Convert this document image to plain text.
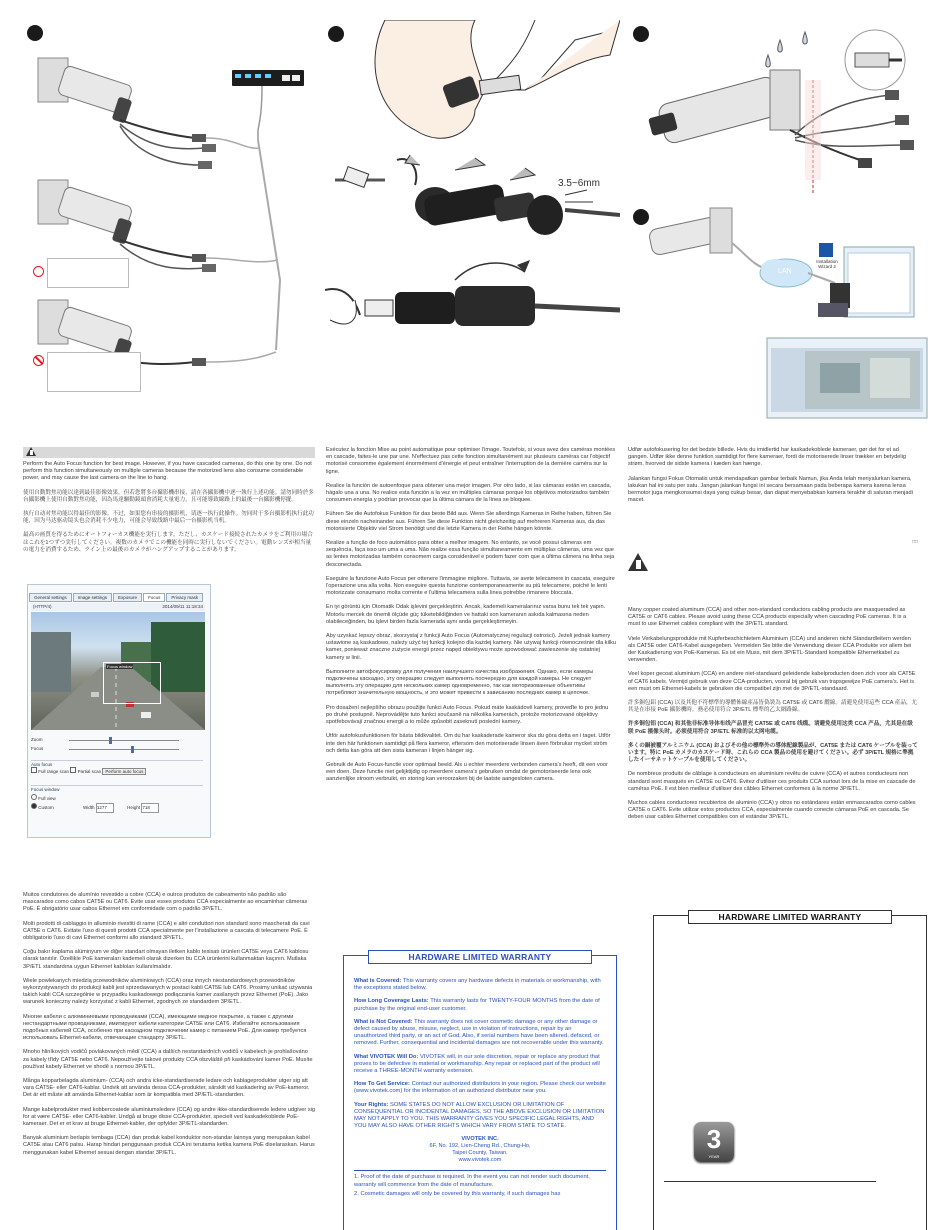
3.5~6mm
LAN
Installation Wizard 2

Perform the Auto Focus function for best image. However, if you have cascaded cameras, do this one by one. Do not perform this function simultaneously on multiple cameras because the motorized lens also consume considerable power, and may cause the last camera on the line to hang.

使用自動對焦功能以達到最佳影像效果。但若您將多台攝影機串接，請在各攝影機中逐一執行上述功能。請勿同時於多台攝影機上使用自動對焦功能，因為馬達驅動鏡頭會消耗大量電力，且可能導致線路上的最後一台攝影機停擺。

执行自动对焦功能以得最佳的影像。不过，如果您有串接的摄影机，请逐一执行此操作。勿同时于多台摄影机执行此功能，因为马达驱动镜头也会消耗不少电力，可能会导致线路中最后一台摄影机当机。

最高の画質を得るためにオートフォーカス機能を実行します。ただし、カスケード接続されたカメラをご利用の場合はこれを1つずつ実行してください。複数のカメラでこの機能を同時に実行しないでください。電動レンズが相当量の電力を消費するため、ライン上の最後のカメラがハングアップすることがあります。

General settings Image settings Exposure Focus Privacy mask
(HTTP/4)	2014/09/11 11:18:34
Focus window
Zoom
Focus
Auto focus
Full range scan Partial scan Perform auto focus
Focus window
Full view
Custom	Width 1277	Height 718

Exécutez la fonction Mise au point automatique pour optimiser l'image. Toutefois, si vous avez des caméras montées en cascade, faites-le une par une. N'effectuez pas cette fonction simultanément sur plusieurs caméras car l'objectif motorisé consomme également énormément d'énergie et peut entraîner l'interruption de la dernière caméra sur la ligne.

Realice la función de autoenfoque para obtener una mejor imagen. Por otro lado, si las cámaras están en cascada, hágalo una a una. No realice esta función a la vez en múltiples cámaras porque los objetivos motorizados también consumen energía y podrían provocar que la última cámara de la línea se bloquee.

Führen Sie die Autofokus Funktion für das beste Bild aus. Wenn Sie allerdings Kameras in Reihe haben, führen Sie diese einzeln nacheinander aus. Führen Sie diese Funktion nicht gleichzeitig auf mehreren Kameras aus, da das motorisierte Objektiv viel Strom benötigt und die letzte Kamera in der Reihe hängen könnte.

Realize a função de foco automático para obter a melhor imagem. No entanto, se você possui câmeras em sequência, faça isso um uma a uma. Não realize essa função simultaneamente em múltiplas câmeras, uma vez que as lentes motorizadas também consomem carga considerável e podem fazer com que a última câmera na linha seja desconectada.

Eseguire la funzione Auto Focus per ottenere l'immagine migliore. Tuttavia, se avete telecamere in cascata, eseguire l'operazione una alla volta. Non eseguire questa funzione contemporaneamente su più telecamere, poiché le lenti motorizzate consumano molta corrente e l'ultima telecamera sulla linea potrebbe rimanere bloccata.

En iyi görüntü için Otomatik Odak işlevini gerçekleştirin. Ancak, kademeli kameralarınız varsa bunu tek tek yapın. Motorlu mercek de önemli ölçüde güç tüketebildiğinden ve hattaki son kameranın askıda kalmasına neden olabileceğinden, bu işlevi birden fazla kamerada aynı anda gerçekleştirmeyin.

Aby uzyskać lepszy obraz, skorzystaj z funkcji Auto Focus (Automatycznej regulacji ostrości). Jeżeli jednak kamery ustawione są kaskadowo, należy użyć tej funkcji kolejno dla każdej kamery. Nie używaj funkcji równocześnie dla kilku kamer, ponieważ znaczne zużycie energii przez napęd obiektywu może spowodować zawieszenie się ostatniej kamery w linii.

Выполните автофокусировку для получения наилучшего качества изображения. Однако, если камеры подключены каскадно, эту операцию следует выполнять поочередно для каждой камеры. Не следует выполнять эту операцию для нескольких камер одновременно, так как моторизованные объективы потребляют значительную мощность, и это может привести к зависанию последних камер в цепочке.

Pro dosažení nejlepšího obrazu použijte funkci Auto Focus. Pokud máte kaskádově kamery, proveďte to pro jednu po druhé postupně. Neprovádějte tuto funkci současně na několika kamerách, protože motorizované objektivy spotřebovávají značnou energii a to může způsobit zaseknutí poslední kamery.

Utför autofokusfunktionen för bästa bildkvalitet. Om du har kaskaderade kameror ska du göra detta en i taget. Utför inte den här funktionen samtidigt på flera kameror, eftersom den motoriserade linsen även förbrukar mycket ström och detta kan göra att den sista kameran i linjen hänger sig.

Gebruik de Auto Focus-functie voor optimaal beeld. Als u echter meerdere verbonden camera's heeft, dit een voor een doen. Deze functie niet gelijktijdig op meerdere camera's gebruiken omdat de gemotoriseerde lens ook aanzienlijke stroom verbruikt, en storing kan veroorzaken bij de laatste aangesloten camera.

Udfør autofokusering for det bedste billede. Hvis du imidlertid har kaskadekoblede kameraer, gør det for et ad gangen. Udfør ikke denne funktion samtidigt for flere kameraer, fordi de motoriserede linser trækker en betydelig strøm, hvorved de sidste kamera i kæden kan hænge.

Jalankan fungsi Fokus Otomatis untuk mendapatkan gambar terbaik Namun, jika Anda telah menyalurkan kamera, lakukan hal ini satu per satu. Jangan jalankan fungsi ini secara bersamaan pada beberapa kamera karena lensa bermotor juga mengkonsumsi daya yang cukup besar, dan dapat menyebabkan kamera terakhir di saluran menjadi macet.

□□

Many copper coated aluminum (CCA) and other non-standard conductors cabling products are masqueraded as CAT5E or CAT6 cables. Please avoid using these CCA products especially when cascading PoE cameras. It is a must to use Ethernet cables compliant with the 3P/ETL standard.

Viele Verkabelungsprodukte mit Kupferbeschichtetem Aluminium (CCA) und anderen nicht Standardleitern werden als CAT5E oder CAT6-Kabel ausgegeben. Vermeiden Sie bitte die Verwendung dieser CCA Produkte vor allem bei der Kaskadierung von PoE-Kameras. Es ist ein Muss, mit dem 3P/ETL-Standard kompatible Ethernetkabel zu verwenden.

Veel koper gecoat aluminium (CCA) en andere niet-standaard geleidende kabelproducten doen zich voor als CAT5E of CAT6 kabels. Vermijd gebruik van deze CCA-producten, vooral bij gebruik van trapsgewijze PoE camera's. Het is een must om Ethernet-kabels te gebruiken die compatibel zijn met de 3P/ETL-standaard.

許多銅包鋁 (CCA) 以及其他不符標準的導體佈線產品皆偽裝為 CAT5E 或 CAT6 纜線。請避免使用這些 CCA 產品，尤其是在串接 PoE 攝影機時。務必使用符合 3P/ETL 標準的乙太網路線。

许多铜包铝 (CCA) 和其他非标准导体布线产品冒充 CAT5E 或 CAT6 线缆。请避免使用这类 CCA 产品，尤其是在级联 PoE 摄像头时。必须使用符合 3P/ETL 标准的以太网电缆。

多くの銅被覆アルミニウム (CCA) およびその他の標準外の導体配線製品が、CAT5E または CAT6 ケーブルを装っています。特に PoE カメラのカスケード時、これらの CCA 製品の使用を避けてください。必ず 3P/ETL 規格に準拠したイーサネットケーブルを使用してください。

De nombreux produits de câblage à conducteurs en aluminium revêtu de cuivre (CCA) et autres conducteurs non standard sont masqués en CAT5E ou CAT6. Évitez d'utiliser ces produits CCA surtout lors de la mise en cascade de caméras PoE. Il est bien meilleur d'utiliser des câbles Ethernet conformes à la norme 3P/ETL.

Muchos cables conductores recubiertos de aluminio (CCA) y otros no estándares están enmascarados como cables CAT5E o CAT6. Evite utilizar estos productos CCA, especialmente cuando conecte cámaras PoE en cascada. Se deben usar cables Ethernet compatibles con el estándar 3P/ETL.

Muitos condutores de alumínio revestido a cobre (CCA) e outros produtos de cabeamento não padrão são mascarados como cabos CAT5E ou CAT6. Evite usar esses produtos CCA especialmente ao encaminhar câmeras PoE. É obrigatório usar cabos Ethernet em conformidade com o padrão 3P/ETL.

Molti prodotti di cablaggio in alluminio rivestiti di rame (CCA) e altri conduttori non standard sono mascherati da cavi CAT5E o CAT6. Evitate l'uso di questi prodotti CCA specialmente per l'installazione a cascata di telecamere PoE. È obbligatorio l'uso di cavi Ethernet conformi allo standard 3P/ETL.

Çoğu bakır kaplama alüminyum ve diğer standart olmayan iletken kablo tesisatı ürünleri CAT5E veya CAT6 kablosu olarak tanıtılır. Özellikle PoE kameraları kademeli olarak dizerken bu CCA ürünlerini kullanmaktan kaçının. Mutlaka 3P/ETL standardına uygun Ethernet kabloları kullanılmalıdır.

Wiele powlekanych miedzią przewodników aluminiowych (CCA) oraz innych niestandardowych przewodników wykorzystywanych do produkcji kabli jest sprzedawanych w postaci kabli CAT5E lub CAT6. Prosimy unikać używania takich kabli CCA szczególnie w przypadku kaskadowego podłączania kamer zasilanych przez Ethernet (PoE). Jako warunek konieczny należy korzystać z kabli Ethernet, zgodnych ze standardem 3P/ETL.

Многие кабели с алюминиевыми проводниками (CCA), имеющими медное покрытие, а также с другими нестандартными проводниками, имитируют кабели категории CAT5E или CAT6. Избегайте использования подобных кабелей CCA, особенно при каскадном подключении камер с питанием PoE. Для камер требуется использовать Ethernet-кабели, отвечающие стандарту 3P/ETL.

Mnoho hliníkových vodičů povlakovaných mědí (CCA) a dalších nestandardních vodičů v kabelech je prohlašováno za kabely třídy CAT5E nebo CAT6. Nepoužívejte takové produkty CCA obzvláště při kaskádování kamer PoE. Musíte používat kabely Ethernet ve shodě s normou 3P/ETL.

Många kopparbelagda aluminium- (CCA) och andra icke-standardiserade ledare och kablageprodukter utger sig att vara CAT5E- eller CAT6-kablar. Undvik att använda dessa CCA-produkter, särskilt vid kaskadering av PoE-kameror. Det är ett måste att använda Ethernet-kablar som är kompatibla med 3P/ETL-standarden.

Mange kabelprodukter med kobbercoatede aluminiumsledere (CCA) og andre ikke-standardiserede ledere udgiver sig for at være CAT5E- eller CAT6-kabler. Undgå at bruge disse CCA-produkter, specielt ved kaskadekoblede PoE-kameraer. Det er et krav at bruge Ethernet-kabler, der opfylder 3P/ETL-standarden.

Banyak aluminium berlapis tembaga (CCA) dan produk kabel konduktor non-standar lainnya yang merupakan kabel CAT5E atau CAT6 palsu. Harap hindari penggunaan produk CCA ini terutama ketika kamera PoE diselaraskan. Harus menggunakan kabel Ethernet sesuai dengan standar 3P/ETL.

HARDWARE LIMITED WARRANTY

What is Covered: This warranty covers any hardware defects in materials or workmanship, with the exceptions stated below.

How Long Coverage Lasts: This warranty lasts for TWENTY-FOUR MONTHS from the date of purchase by the original end-user customer.

What is Not Covered: This warranty does not cover cosmetic damage or any other damage or defect caused by abuse, misuse, neglect, use in violation of instructions, repair by an unauthorized third party, or an act of God. Also, if serial numbers have been altered, defaced, or removed. Further, consequential and incidental damages are not recoverable under this warranty.

What VIVOTEK Will Do: VIVOTEK will, in our sole discretion, repair or replace any product that proves to be defective in material or workmanship. Any repair or replaced part of the product will receive a THREE-MONTH warranty extension.

How To Get Service: Contact our authorized distributors in your region. Please check our website (www.vivotek.com) for the information of an authorized distributor near you.

Your Rights: SOME STATES DO NOT ALLOW EXCLUSION OR LIMITATION OF CONSEQUENTIAL OR INCIDENTAL DAMAGES, SO THE ABOVE EXCLUSION OR LIMITATION MAY NOT APPLY TO YOU. THIS WARRANTY GIVES YOU SPECIFIC LEGAL RIGHTS, AND YOU MAY ALSO HAVE OTHER RIGHTS WHICH VARY FROM STATE TO STATE.

VIVOTEK INC.
6F, No. 192, Lien-Cheng Rd., Chung-Ho,
Taipei County, Taiwan.
www.vivotek.com

1. Proof of the date of purchase is required. In the event you can not render such document, warranty will commence from the date of manufacture.

2. Cosmetic damages will only be covered by this warranty, if such damages has

HARDWARE LIMITED WARRANTY
3
YEAR
